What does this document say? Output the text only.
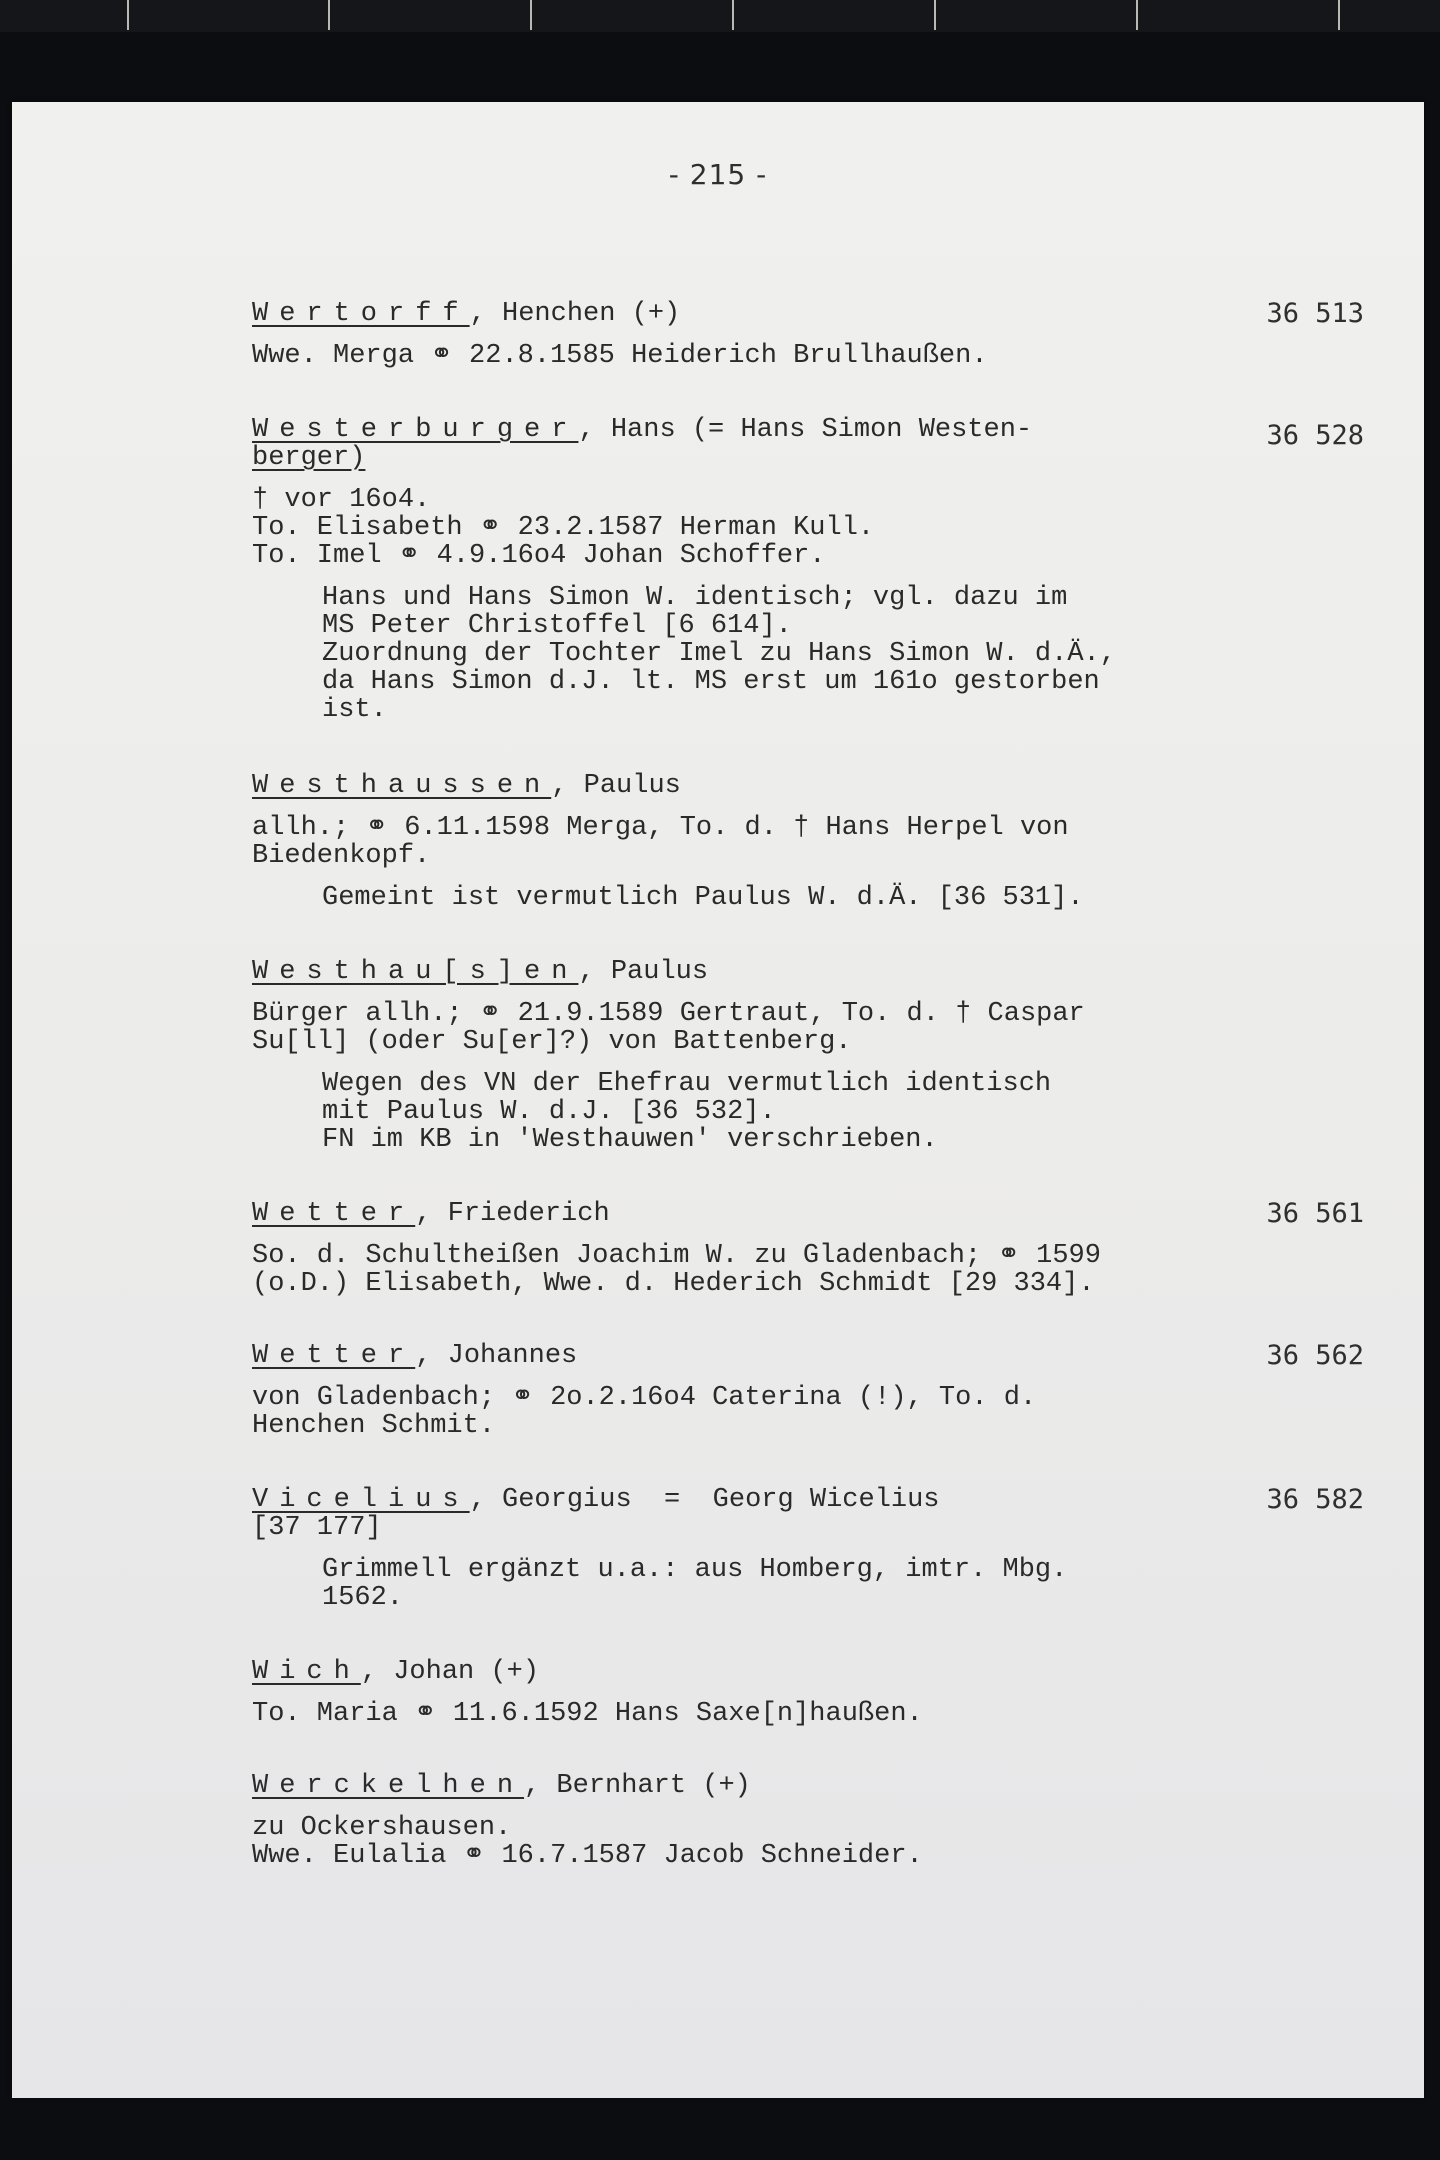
- 215 -
Wertorff, Henchen (+)	36 513
Wwe. Merga ⚭ 22.8.1585 Heiderich Brullhaußen.
Westerburger, Hans (= Hans Simon Westen-	36 528
berger)
† vor 16o4.
To. Elisabeth ⚭ 23.2.1587 Herman Kull.
To. Imel ⚭ 4.9.16o4 Johan Schoffer.
Hans und Hans Simon W. identisch; vgl. dazu im
MS Peter Christoffel [6 614].
Zuordnung der Tochter Imel zu Hans Simon W. d.Ä.,
da Hans Simon d.J. lt. MS erst um 161o gestorben
ist.
Westhaussen, Paulus
allh.; ⚭ 6.11.1598 Merga, To. d. † Hans Herpel von
Biedenkopf.
Gemeint ist vermutlich Paulus W. d.Ä. [36 531].
Westhau[s]en, Paulus
Bürger allh.; ⚭ 21.9.1589 Gertraut, To. d. † Caspar
Su[ll] (oder Su[er]?) von Battenberg.
Wegen des VN der Ehefrau vermutlich identisch
mit Paulus W. d.J. [36 532].
FN im KB in 'Westhauwen' verschrieben.
Wetter, Friederich	36 561
So. d. Schultheißen Joachim W. zu Gladenbach; ⚭ 1599
(o.D.) Elisabeth, Wwe. d. Hederich Schmidt [29 334].
Wetter, Johannes	36 562
von Gladenbach; ⚭ 2o.2.16o4 Caterina (!), To. d.
Henchen Schmit.
Vicelius, Georgius  =  Georg Wicelius	36 582
[37 177]
Grimmell ergänzt u.a.: aus Homberg, imtr. Mbg.
1562.
Wich, Johan (+)
To. Maria ⚭ 11.6.1592 Hans Saxe[n]haußen.
Werckelhen, Bernhart (+)
zu Ockershausen.
Wwe. Eulalia ⚭ 16.7.1587 Jacob Schneider.
